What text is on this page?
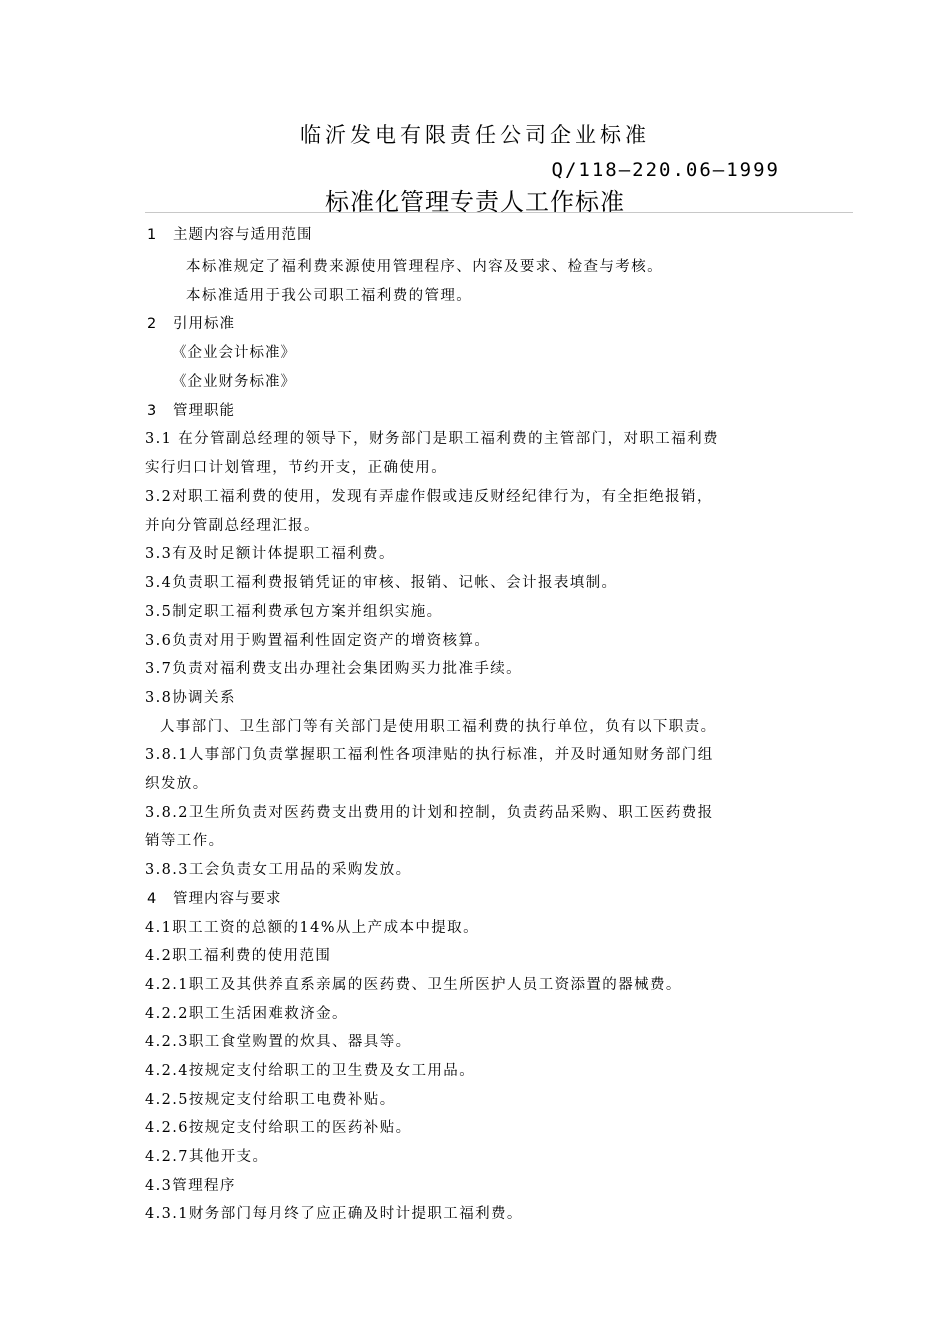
临沂发电有限责任公司企业标准
Q/118—220.06—1999
标准化管理专责人工作标准
1 主题内容与适用范围
本标准规定了福利费来源使用管理程序、内容及要求、检查与考核。
本标准适用于我公司职工福利费的管理。
2 引用标准
《企业会计标准》
《企业财务标准》
3 管理职能
3.1 在分管副总经理的领导下，财务部门是职工福利费的主管部门，对职工福利费
实行归口计划管理，节约开支，正确使用。
3.2对职工福利费的使用，发现有弄虚作假或违反财经纪律行为，有全拒绝报销，
并向分管副总经理汇报。
3.3有及时足额计体提职工福利费。
3.4负责职工福利费报销凭证的审核、报销、记帐、会计报表填制。
3.5制定职工福利费承包方案并组织实施。
3.6负责对用于购置福利性固定资产的增资核算。
3.7负责对福利费支出办理社会集团购买力批准手续。
3.8协调关系
人事部门、卫生部门等有关部门是使用职工福利费的执行单位，负有以下职责。
3.8.1人事部门负责掌握职工福利性各项津贴的执行标准，并及时通知财务部门组
织发放。
3.8.2卫生所负责对医药费支出费用的计划和控制，负责药品采购、职工医药费报
销等工作。
3.8.3工会负责女工用品的采购发放。
4 管理内容与要求
4.1职工工资的总额的14%从上产成本中提取。
4.2职工福利费的使用范围
4.2.1职工及其供养直系亲属的医药费、卫生所医护人员工资添置的器械费。
4.2.2职工生活困难救济金。
4.2.3职工食堂购置的炊具、器具等。
4.2.4按规定支付给职工的卫生费及女工用品。
4.2.5按规定支付给职工电费补贴。
4.2.6按规定支付给职工的医药补贴。
4.2.7其他开支。
4.3管理程序
4.3.1财务部门每月终了应正确及时计提职工福利费。
